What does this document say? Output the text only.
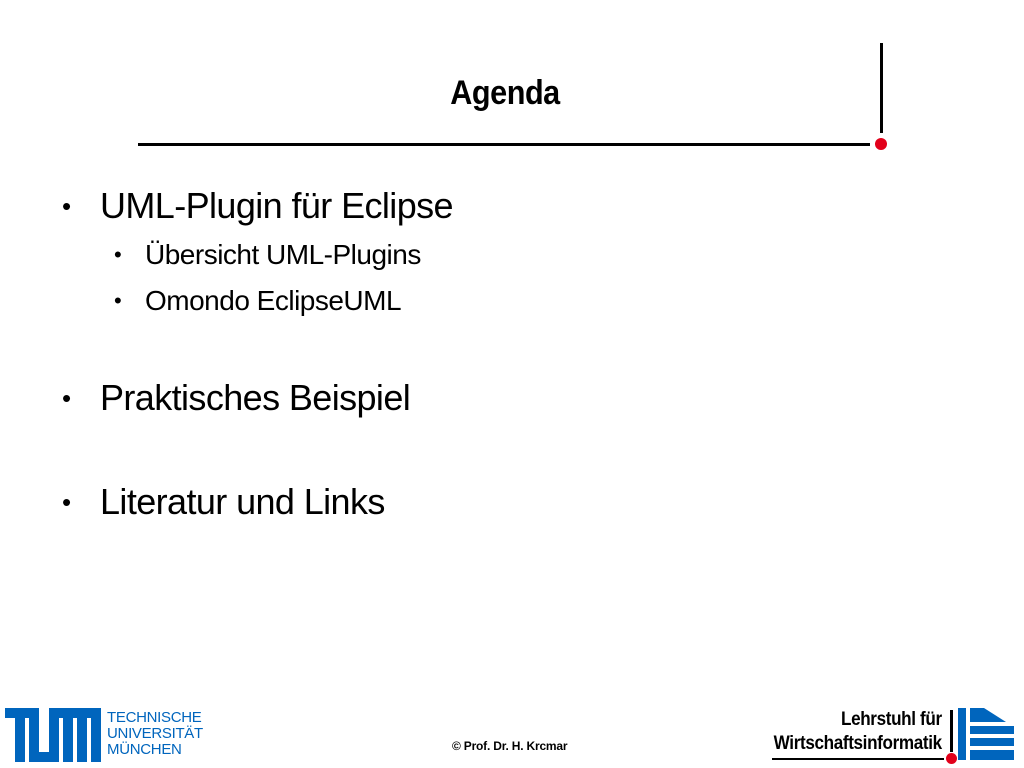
Agenda
• UML-Plugin für Eclipse
• Übersicht UML-Plugins
• Omondo EclipseUML
• Praktisches Beispiel
• Literatur und Links
TECHNISCHE
UNIVERSITÄT
MÜNCHEN	© Prof. Dr. H. Krcmar
Lehrstuhl für
Wirtschaftsinformatik
